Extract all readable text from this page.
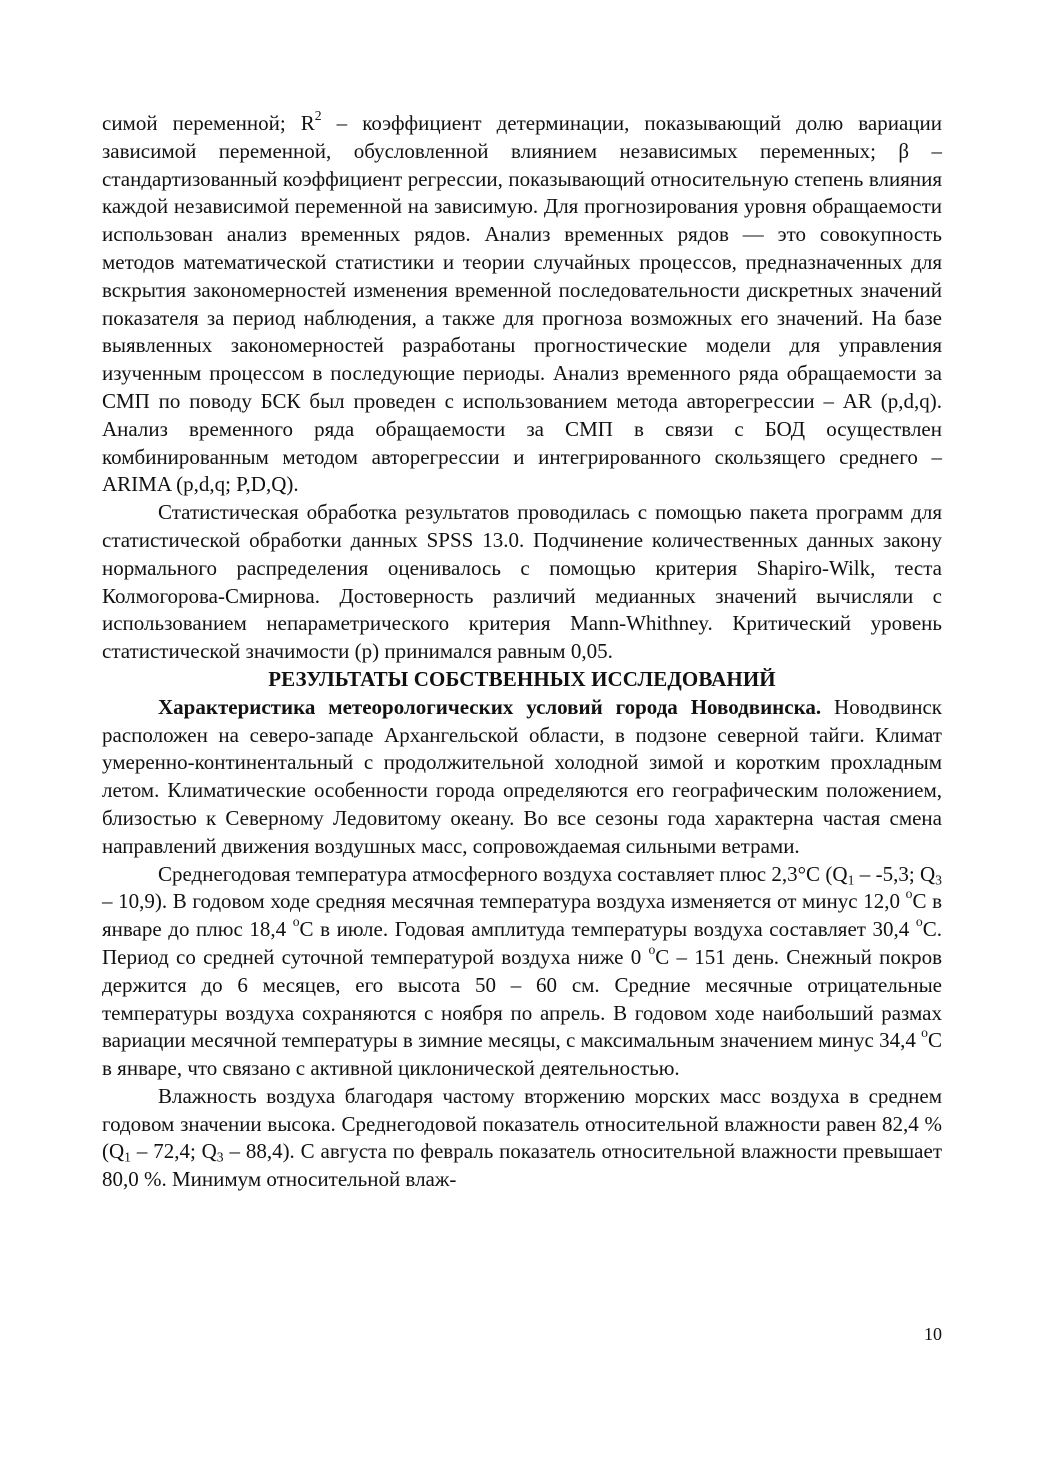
симой переменной; $R^2$ – коэффициент детерминации, показывающий долю вариации зависимой переменной, обусловленной влиянием независимых переменных; β – стандартизованный коэффициент регрессии, показывающий относительную степень влияния каждой независимой переменной на зависимую. Для прогнозирования уровня обращаемости использован анализ временных рядов. Анализ временных рядов — это совокупность методов математической статистики и теории случайных процессов, предназначенных для вскрытия закономерностей изменения временной последовательности дискретных значений показателя за период наблюдения, а также для прогноза возможных его значений. На базе выявленных закономерностей разработаны прогностические модели для управления изученным процессом в последующие периоды. Анализ временного ряда обращаемости за СМП по поводу БСК был проведен с использованием метода авторегрессии – AR (p,d,q). Анализ временного ряда обращаемости за СМП в связи с БОД осуществлен комбинированным методом авторегрессии и интегрированного скользящего среднего – ARIMA (p,d,q; P,D,Q).

Статистическая обработка результатов проводилась с помощью пакета программ для статистической обработки данных SPSS 13.0. Подчинение количественных данных закону нормального распределения оценивалось с помощью критерия Shapiro-Wilk, теста Колмогорова-Смирнова. Достоверность различий медианных значений вычисляли с использованием непараметрического критерия Mann-Whithney. Критический уровень статистической значимости (р) принимался равным 0,05.

РЕЗУЛЬТАТЫ СОБСТВЕННЫХ ИССЛЕДОВАНИЙ

Характеристика метеорологических условий города Новодвинска. Новодвинск расположен на северо-западе Архангельской области, в подзоне северной тайги. Климат умеренно-континентальный с продолжительной холодной зимой и коротким прохладным летом. Климатические особенности города определяются его географическим положением, близостью к Северному Ледовитому океану. Во все сезоны года характерна частая смена направлений движения воздушных масс, сопровождаемая сильными ветрами.

Среднегодовая температура атмосферного воздуха составляет плюс 2,3°С ($Q_1 - -5,3$; $Q_3 - 10,9$). В годовом ходе средняя месячная температура воздуха изменяется от минус 12,0 $^о$С в январе до плюс 18,4 $^о$С в июле. Годовая амплитуда температуры воздуха составляет 30,4 $^о$С. Период со средней суточной температурой воздуха ниже 0 $^о$С – 151 день. Снежный покров держится до 6 месяцев, его высота 50 – 60 см. Средние месячные отрицательные температуры воздуха сохраняются с ноября по апрель. В годовом ходе наибольший размах вариации месячной температуры в зимние месяцы, с максимальным значением минус 34,4 $^о$С в январе, что связано с активной циклонической деятельностью.

Влажность воздуха благодаря частому вторжению морских масс воздуха в среднем годовом значении высока. Среднегодовой показатель относительной влажности равен 82,4 % ($Q_1 - 72,4$; $Q_3 - 88,4$). С августа по февраль показатель относительной влажности превышает 80,0 %. Минимум относительной влаж-

10
